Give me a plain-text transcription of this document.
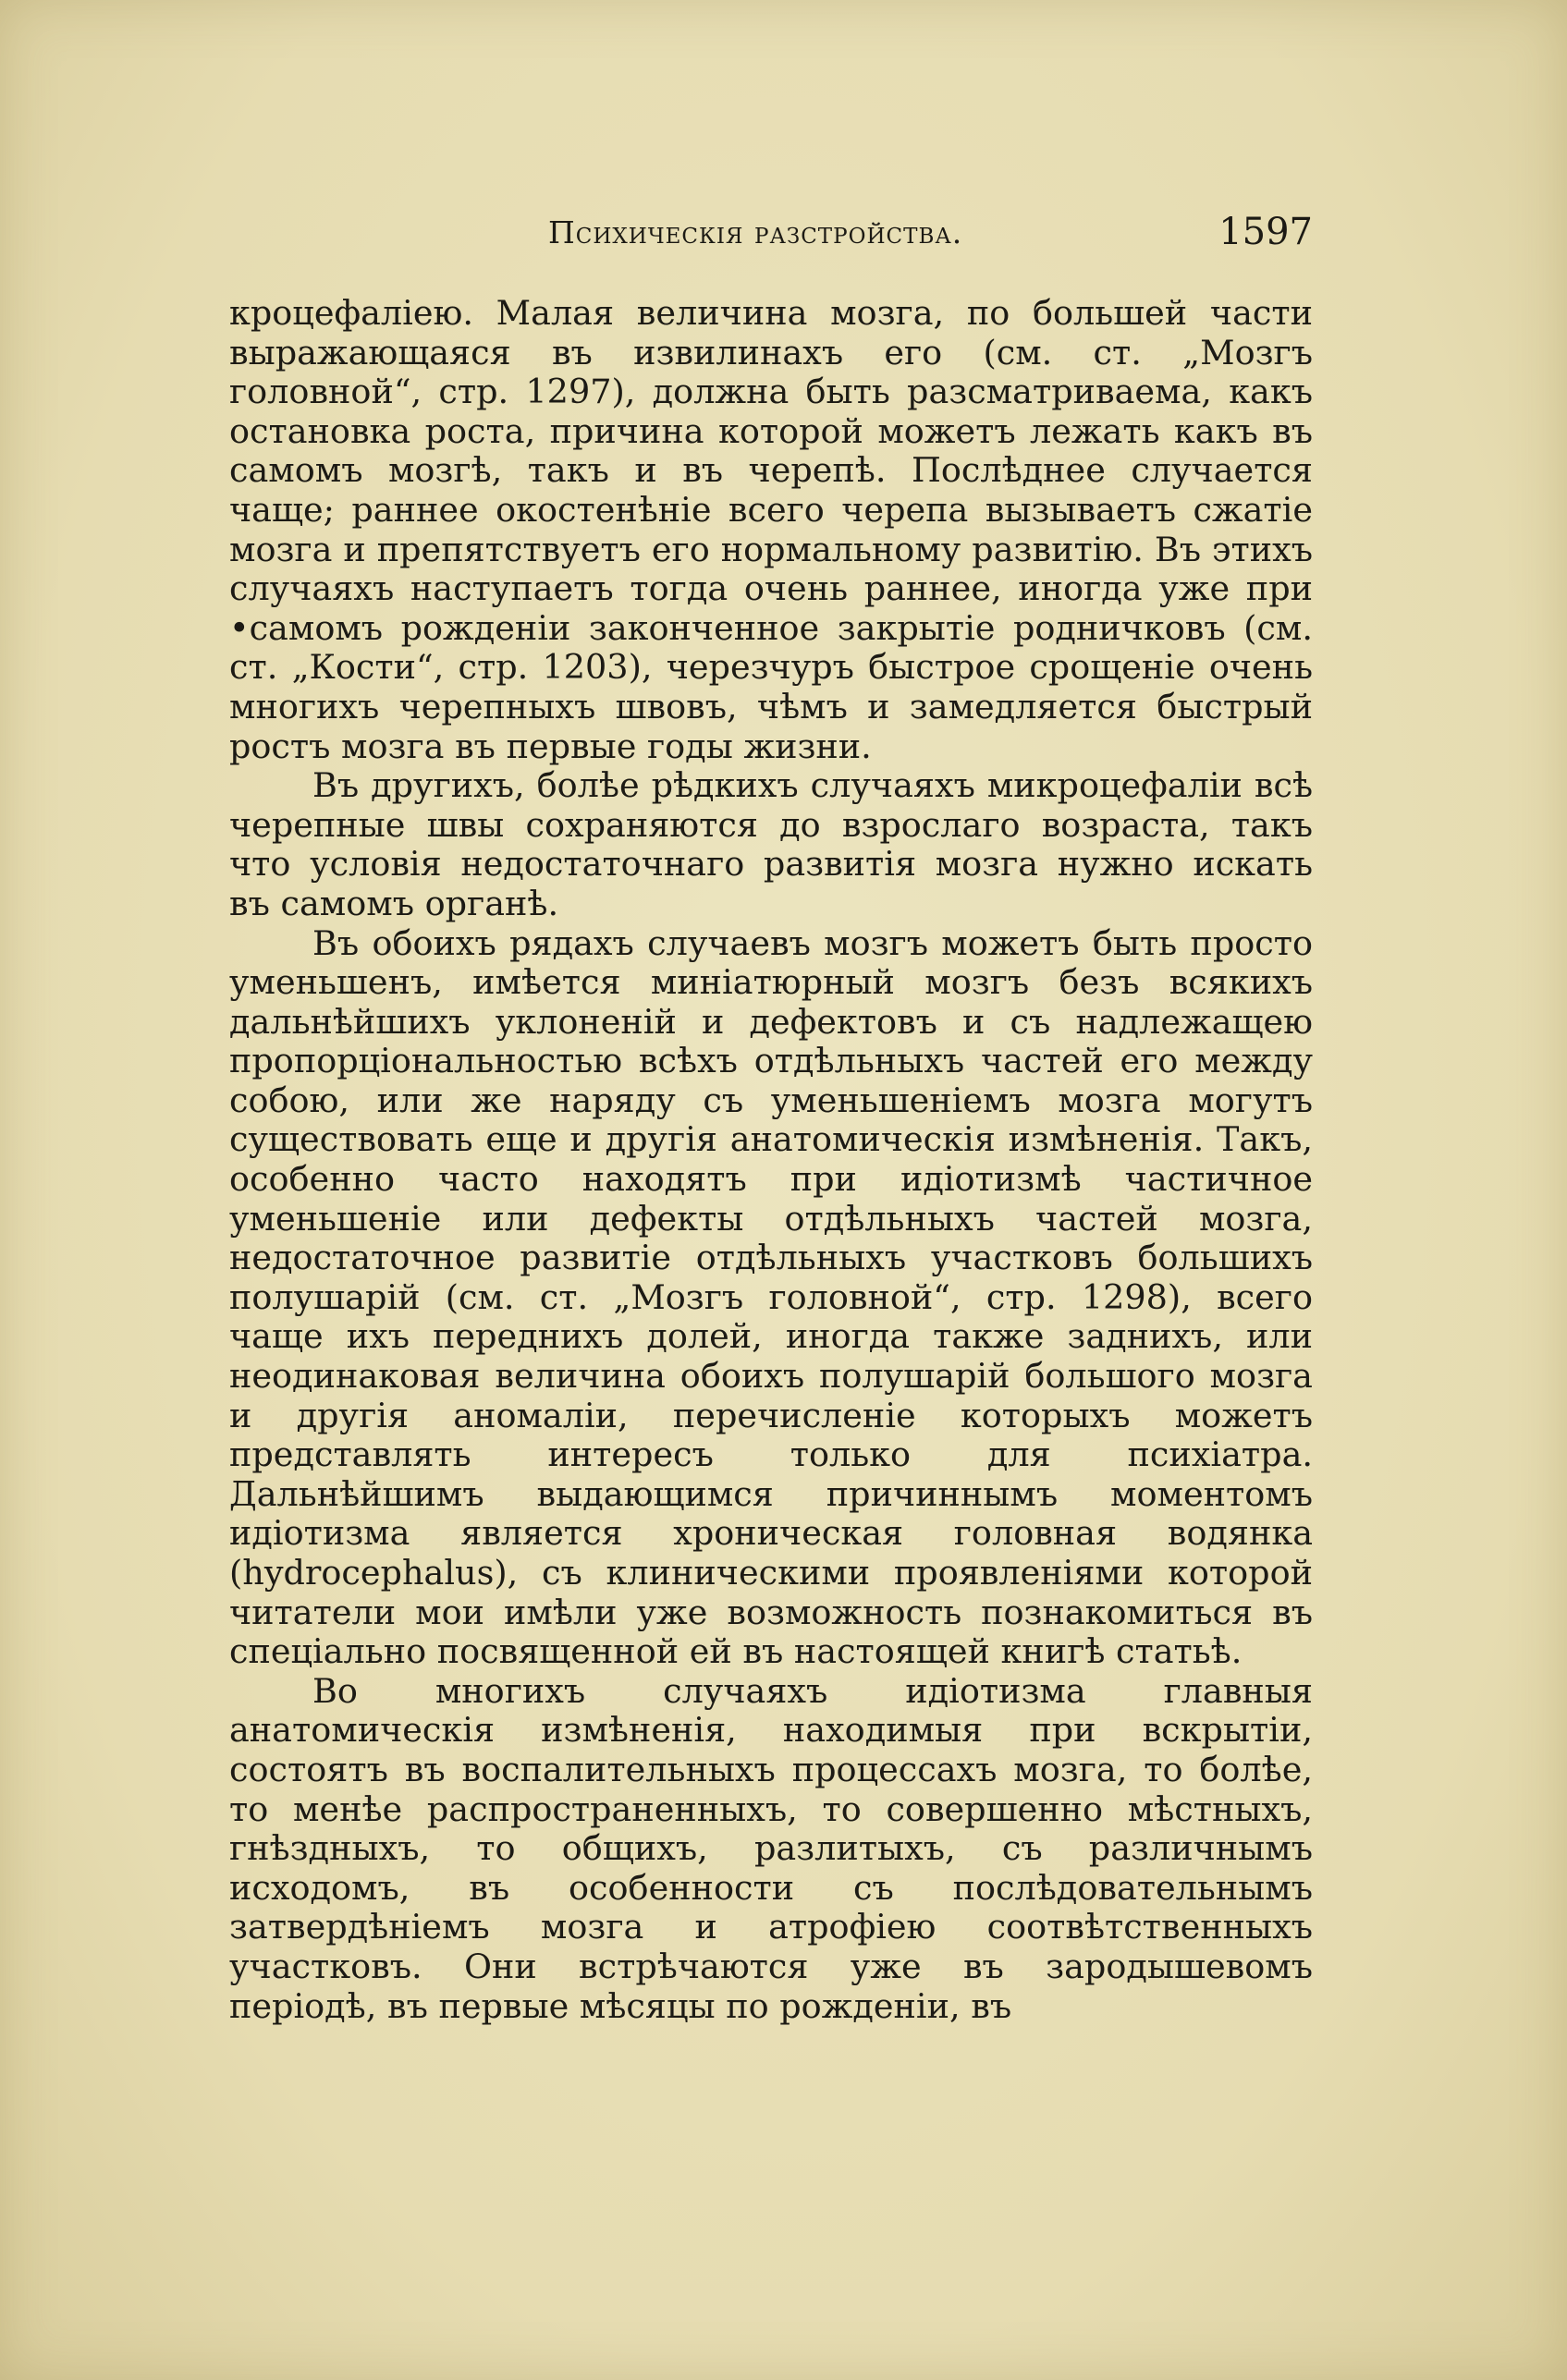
Психическія разстройства.	1597

кроцефаліею. Малая величина мозга, по большей части выражающаяся въ извилинахъ его (см. ст. „Мозгъ головной“, стр. 1297), должна быть разсматриваема, какъ остановка роста, причина которой можетъ лежать какъ въ самомъ мозгѣ, такъ и въ черепѣ. Послѣднее случается чаще; раннее окостенѣніе всего черепа вызываетъ сжатіе мозга и препятствуетъ его нормальному развитію. Въ этихъ случаяхъ наступаетъ тогда очень раннее, иногда уже при •самомъ рожденіи законченное закрытіе родничковъ (см. ст. „Кости“, стр. 1203), черезчуръ быстрое срощеніе очень многихъ черепныхъ швовъ, чѣмъ и замедляется быстрый ростъ мозга въ первые годы жизни.

Въ другихъ, болѣе рѣдкихъ случаяхъ микроцефаліи всѣ черепные швы сохраняются до взрослаго возраста, такъ что условія недостаточнаго развитія мозга нужно искать въ самомъ органѣ.

Въ обоихъ рядахъ случаевъ мозгъ можетъ быть просто уменьшенъ, имѣется миніатюрный мозгъ безъ всякихъ дальнѣйшихъ уклоненій и дефектовъ и съ надлежащею пропорціональностью всѣхъ отдѣльныхъ частей его между собою, или же наряду съ уменьшеніемъ мозга могутъ существовать еще и другія анатомическія измѣненія. Такъ, особенно часто находятъ при идіотизмѣ частичное уменьшеніе или дефекты отдѣльныхъ частей мозга, недостаточное развитіе отдѣльныхъ участковъ большихъ полушарій (см. ст. „Мозгъ головной“, стр. 1298), всего чаще ихъ переднихъ долей, иногда также заднихъ, или неодинаковая величина обоихъ полушарій большого мозга и другія аномаліи, перечисленіе которыхъ можетъ представлять интересъ только для психіатра. Дальнѣйшимъ выдающимся причиннымъ моментомъ идіотизма является хроническая головная водянка (hydrocephalus), съ клиническими проявленіями которой читатели мои имѣли уже возможность познакомиться въ спеціально посвященной ей въ настоящей книгѣ статьѣ.

Во многихъ случаяхъ идіотизма главныя анатомическія измѣненія, находимыя при вскрытіи, состоятъ въ воспалительныхъ процессахъ мозга, то болѣе, то менѣе распространенныхъ, то совершенно мѣстныхъ, гнѣздныхъ, то общихъ, разлитыхъ, съ различнымъ исходомъ, въ особенности съ послѣдовательнымъ затвердѣніемъ мозга и атрофіею соотвѣтственныхъ участковъ. Они встрѣчаются уже въ зародышевомъ періодѣ, въ первые мѣсяцы по рожденіи, въ
